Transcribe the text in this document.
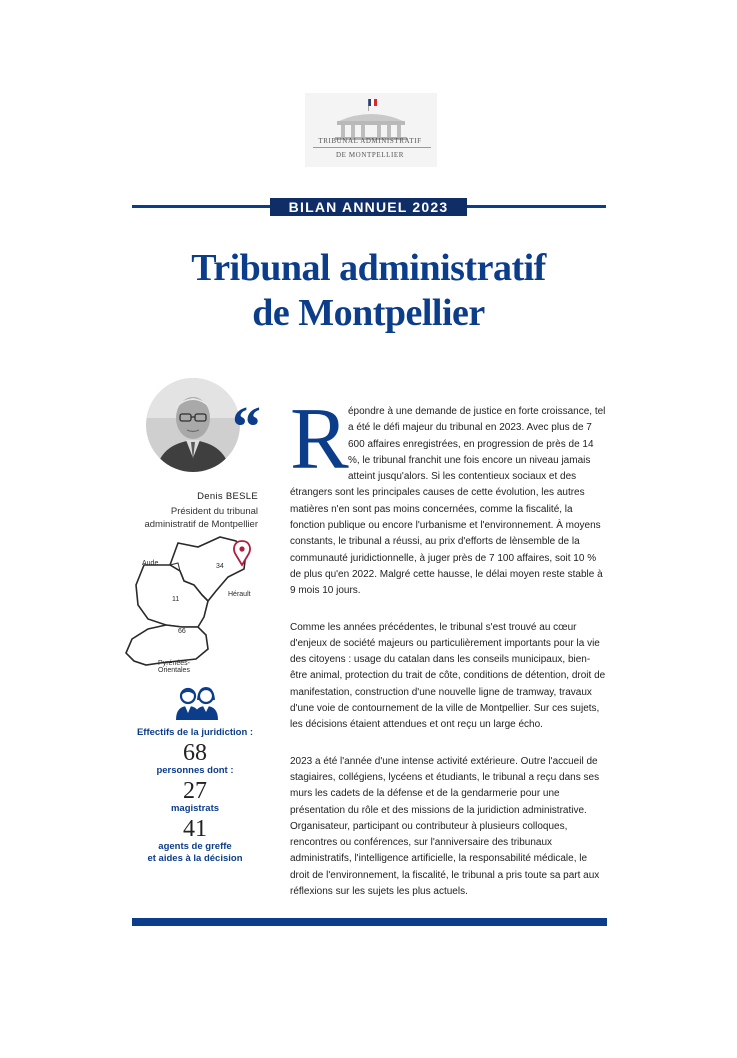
TRIBUNAL ADMINISTRATIF
DE MONTPELLIER
BILAN ANNUEL 2023
Tribunal administratif
de Montpellier
“
Denis BESLE
Président du tribunal
administratif de Montpellier
Aude	34
Hérault
11
66
Pyrénées-
Orientales
Effectifs de la juridiction :
68
personnes dont :
27
magistrats
41
agents de greffe
et aides à la décision

Répondre à une demande de justice en forte croissance, tel a été le défi majeur du tribunal en 2023. Avec plus de 7 600 affaires enregistrées, en progression de près de 14 %, le tribunal franchit une fois encore un niveau jamais atteint jusqu'alors. Si les contentieux sociaux et des étrangers sont les principales causes de cette évolution, les autres matières n'en sont pas moins concernées, comme la fiscalité, la fonction publique ou encore l'urbanisme et l'environnement. À moyens constants, le tribunal a réussi, au prix d'efforts de lènsemble de la communauté juridictionnelle, à juger près de 7 100 affaires, soit 10 % de plus qu'en 2022. Malgré cette hausse, le délai moyen reste stable à 9 mois 10 jours.

Comme les années précédentes, le tribunal s'est trouvé au cœur d'enjeux de société majeurs ou particulièrement importants pour la vie des citoyens : usage du catalan dans les conseils municipaux, bien-être animal, protection du trait de côte, conditions de détention, droit de manifestation, construction d'une nouvelle ligne de tramway, travaux d'une voie de contournement de la ville de Montpellier. Sur ces sujets, les décisions étaient attendues et ont reçu un large écho.

2023 a été l'année d'une intense activité extérieure. Outre l'accueil de stagiaires, collégiens, lycéens et étudiants, le tribunal a reçu dans ses murs les cadets de la défense et de la gendarmerie pour une présentation du rôle et des missions de la juridiction administrative. Organisateur, participant ou contributeur à plusieurs colloques, rencontres ou conférences, sur l'anniversaire des tribunaux administratifs, l'intelligence artificielle, la responsabilité médicale, le droit de l'environnement, la fiscalité, le tribunal a pris toute sa part aux réflexions sur les sujets les plus actuels.
